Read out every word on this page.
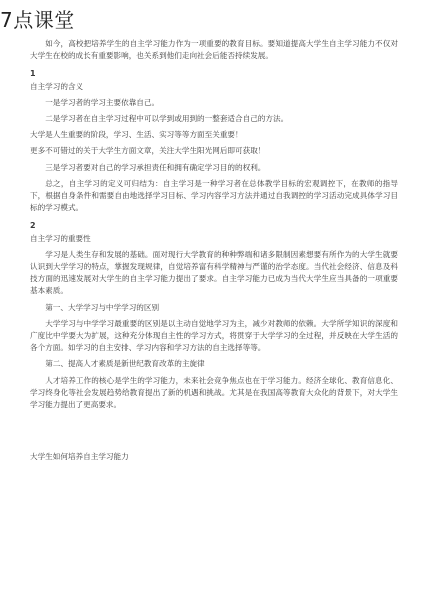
7点课堂

如今，高校把培养学生的自主学习能力作为一项重要的教育目标。要知道提高大学生自主学习能力不仅对大学生在校的成长有重要影响，也关系到他们走向社会后能否持续发展。

1

自主学习的含义

一是学习者的学习主要依靠自己。

二是学习者在自主学习过程中可以学到或用到的一整套适合自己的方法。

大学是人生重要的阶段，学习、生活、实习等等方面至关重要！

更多不可错过的关于大学生方面文章，关注大学生阳光网后即可获取！

三是学习者要对自己的学习承担责任和拥有确定学习目的的权利。

总之，自主学习的定义可归结为：自主学习是一种学习者在总体教学目标的宏观调控下，在教师的指导下，根据自身条件和需要自由地选择学习目标、学习内容学习方法并通过自我调控的学习活动完成具体学习目标的学习模式。

2

自主学习的重要性

学习是人类生存和发展的基础。面对现行大学教育的种种弊端和诸多限制因素想要有所作为的大学生就要认识到大学学习的特点，掌握发现规律，自觉培养富有科学精神与严谨的治学态度。当代社会经济、信息及科技方面的迅速发展对大学生的自主学习能力提出了要求。自主学习能力已成为当代大学生应当具备的一项重要基本素质。

第一、大学学习与中学学习的区别

大学学习与中学学习最重要的区别是以主动自觉地学习为主，减少对教师的依赖。大学所学知识的深度和广度比中学要大为扩展，这种充分体现自主性的学习方式，将贯穿于大学学习的全过程，并反映在大学生活的各个方面。如学习的自主安排、学习内容和学习方法的自主选择等等。

第二、提高人才素质是新世纪教育改革的主旋律

人才培养工作的核心是学生的学习能力，未来社会竞争焦点也在于学习能力。经济全球化、教育信息化、学习终身化等社会发展趋势给教育提出了新的机遇和挑战。尤其是在我国高等教育大众化的背景下，对大学生学习能力提出了更高要求。

大学生如何培养自主学习能力
